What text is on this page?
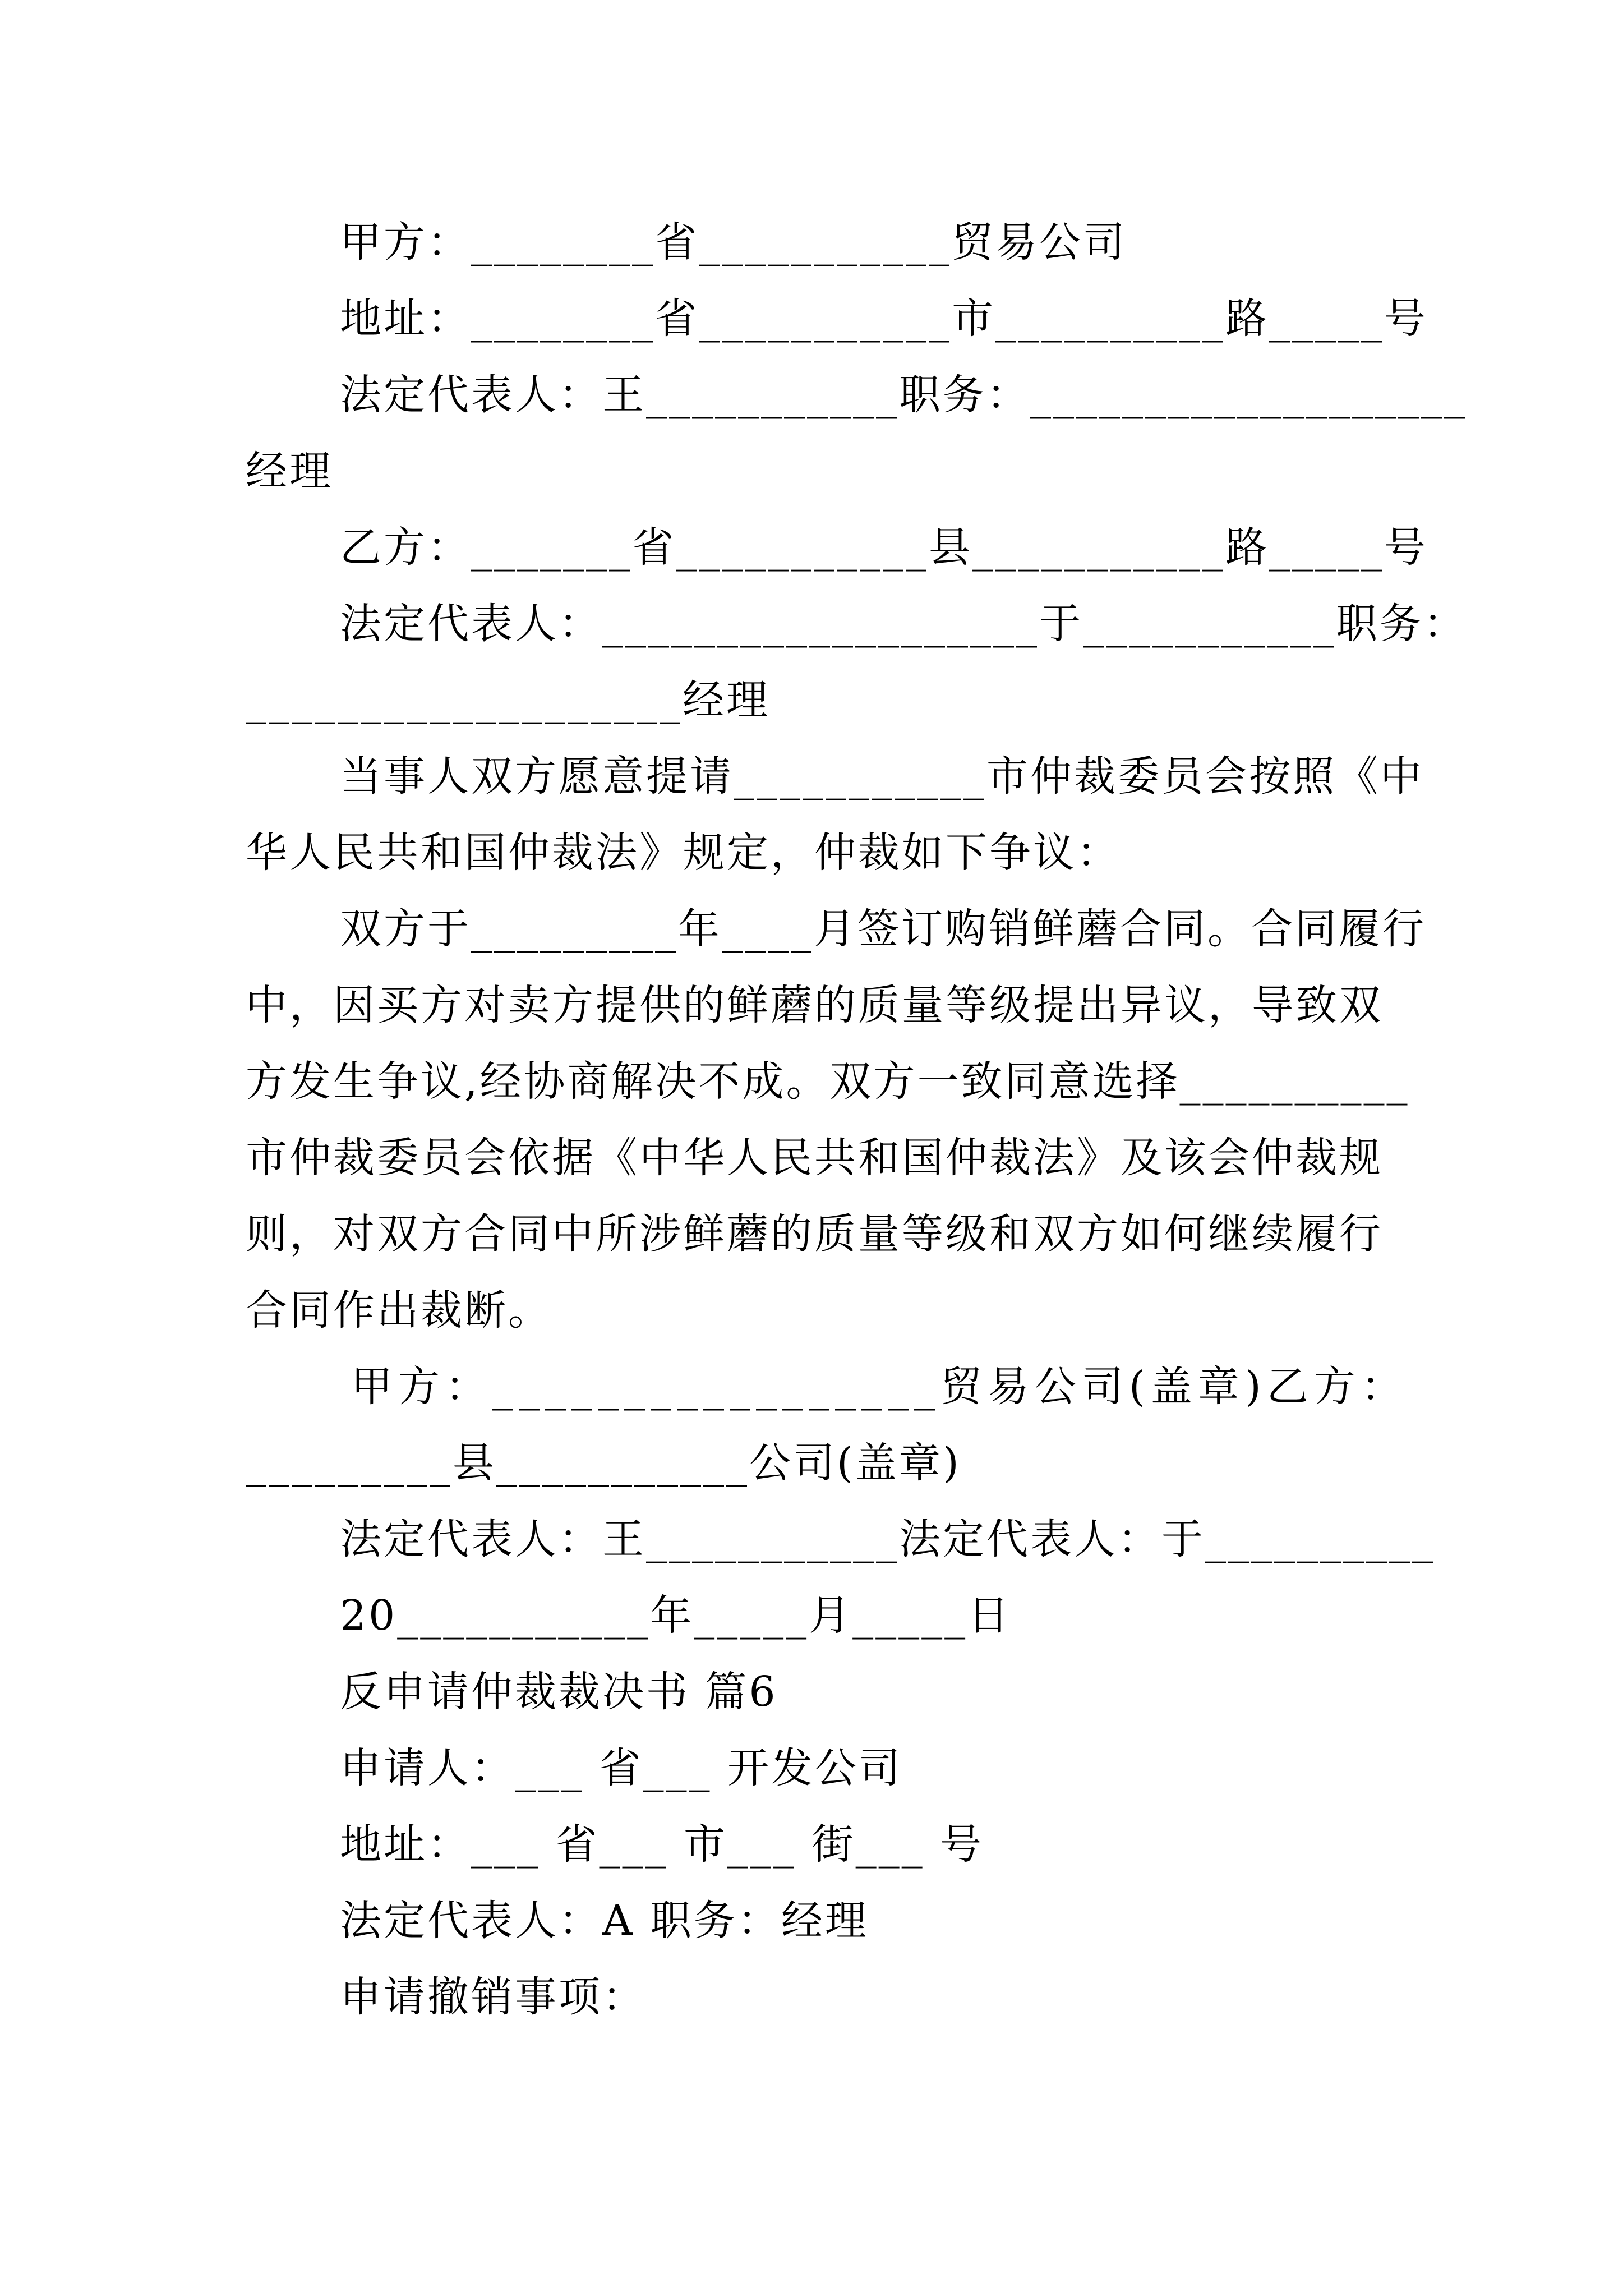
甲方：________省___________贸易公司
地址：________省___________市__________路_____号
法定代表人：王___________职务：___________________
经理
乙方：_______省___________县___________路_____号
法定代表人：___________________于___________职务：
___________________经理
当事人双方愿意提请___________市仲裁委员会按照《中
华人民共和国仲裁法》规定，仲裁如下争议：
双方于_________年____月签订购销鲜蘑合同。合同履行
中，因买方对卖方提供的鲜蘑的质量等级提出异议，导致双
方发生争议,经协商解决不成。双方一致同意选择__________
市仲裁委员会依据《中华人民共和国仲裁法》及该会仲裁规
则，对双方合同中所涉鲜蘑的质量等级和双方如何继续履行
合同作出裁断。
甲方：_________________贸易公司(盖章)乙方：
_________县___________公司(盖章)
法定代表人：王___________法定代表人：于__________
20___________年_____月_____日
反申请仲裁裁决书 篇6
申请人：___ 省___ 开发公司
地址：___ 省___ 市___ 街___ 号
法定代表人：A 职务：经理
申请撤销事项：
